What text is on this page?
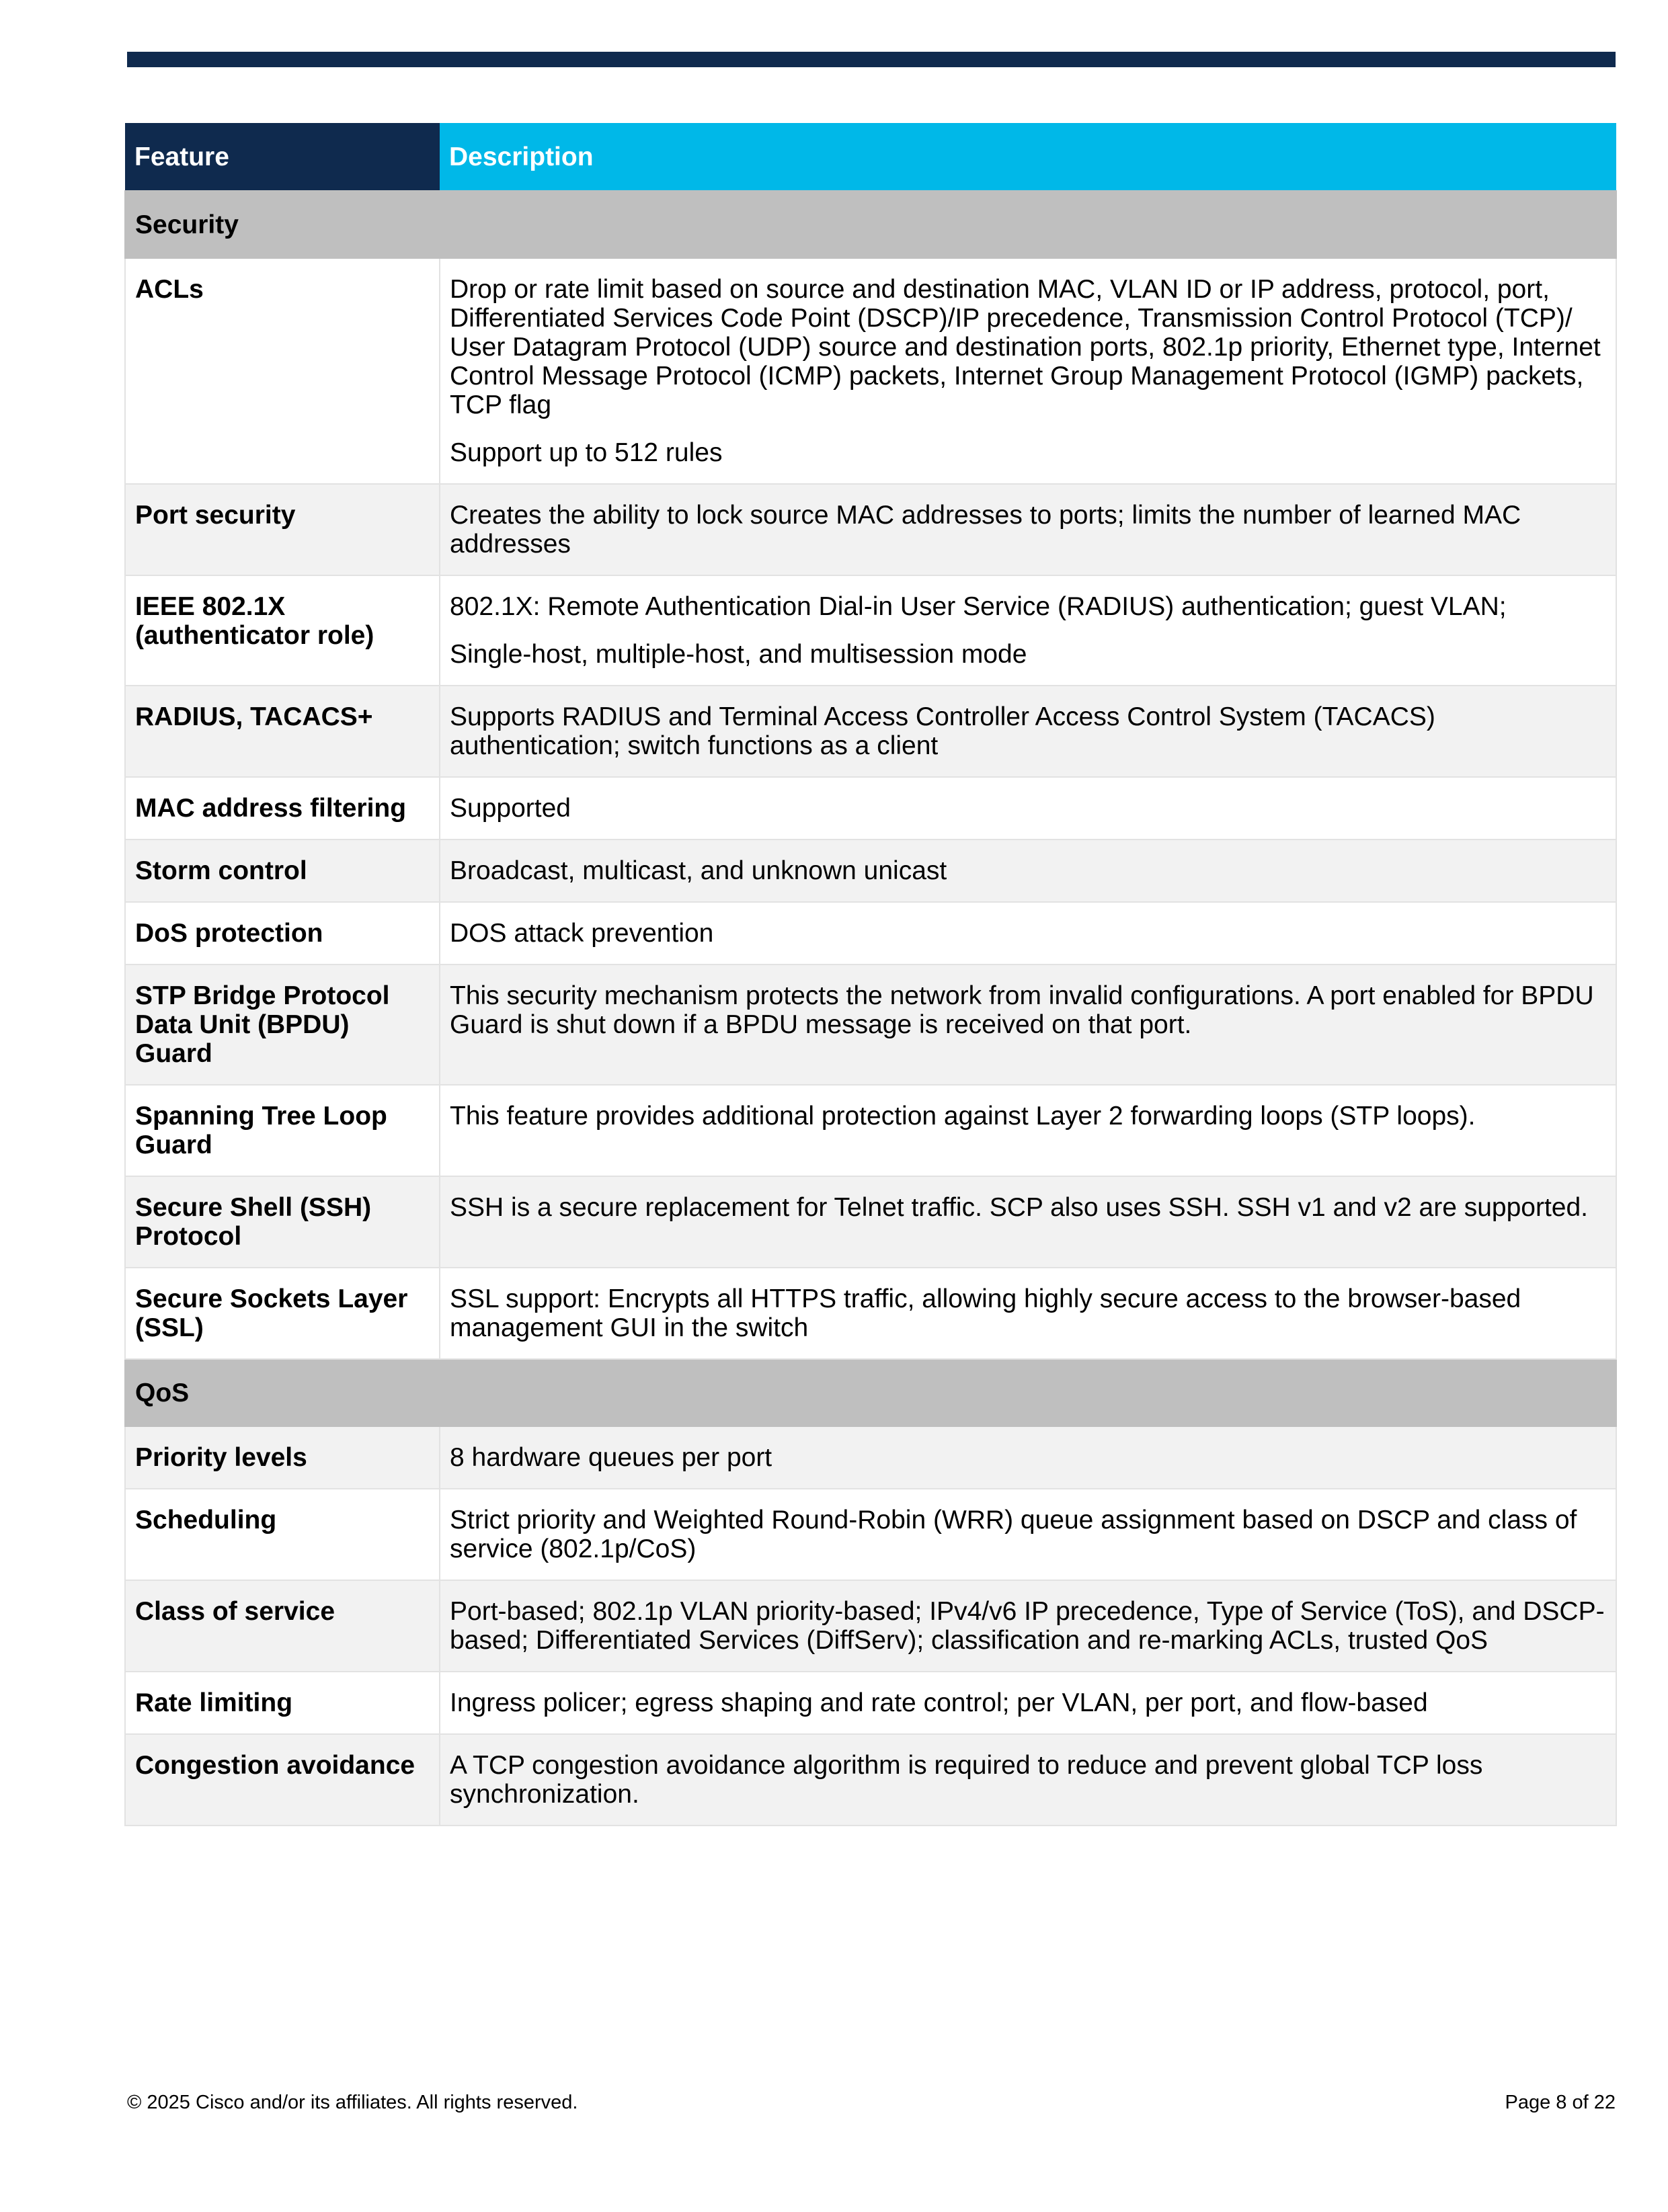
Feature	Description
Security	
ACLs	Drop or rate limit based on source and destination MAC, VLAN ID or IP address, protocol, port, Differentiated Services Code Point (DSCP)/IP precedence, Transmission Control Protocol (TCP)/ User Datagram Protocol (UDP) source and destination ports, 802.1p priority, Ethernet type, Internet Control Message Protocol (ICMP) packets, Internet Group Management Protocol (IGMP) packets, TCP flag

Support up to 512 rules

Port security	Creates the ability to lock source MAC addresses to ports; limits the number of learned MAC addresses

IEEE 802.1X (authenticator role)	802.1X: Remote Authentication Dial-in User Service (RADIUS) authentication; guest VLAN;

Single-host, multiple-host, and multisession mode

RADIUS, TACACS+	Supports RADIUS and Terminal Access Controller Access Control System (TACACS) authentication; switch functions as a client

MAC address filtering	Supported

Storm control	Broadcast, multicast, and unknown unicast

DoS protection	DOS attack prevention

STP Bridge Protocol Data Unit (BPDU) Guard	This security mechanism protects the network from invalid configurations. A port enabled for BPDU Guard is shut down if a BPDU message is received on that port.

Spanning Tree Loop Guard	This feature provides additional protection against Layer 2 forwarding loops (STP loops).

Secure Shell (SSH) Protocol	SSH is a secure replacement for Telnet traffic. SCP also uses SSH. SSH v1 and v2 are supported.

Secure Sockets Layer (SSL)	SSL support: Encrypts all HTTPS traffic, allowing highly secure access to the browser-based management GUI in the switch

QoS	
Priority levels	8 hardware queues per port

Scheduling	Strict priority and Weighted Round-Robin (WRR) queue assignment based on DSCP and class of service (802.1p/CoS)

Class of service	Port-based; 802.1p VLAN priority-based; IPv4/v6 IP precedence, Type of Service (ToS), and DSCP-based; Differentiated Services (DiffServ); classification and re-marking ACLs, trusted QoS

Rate limiting	Ingress policer; egress shaping and rate control; per VLAN, per port, and flow-based

Congestion avoidance	A TCP congestion avoidance algorithm is required to reduce and prevent global TCP loss synchronization.

© 2025 Cisco and/or its affiliates. All rights reserved.	Page 8 of 22
